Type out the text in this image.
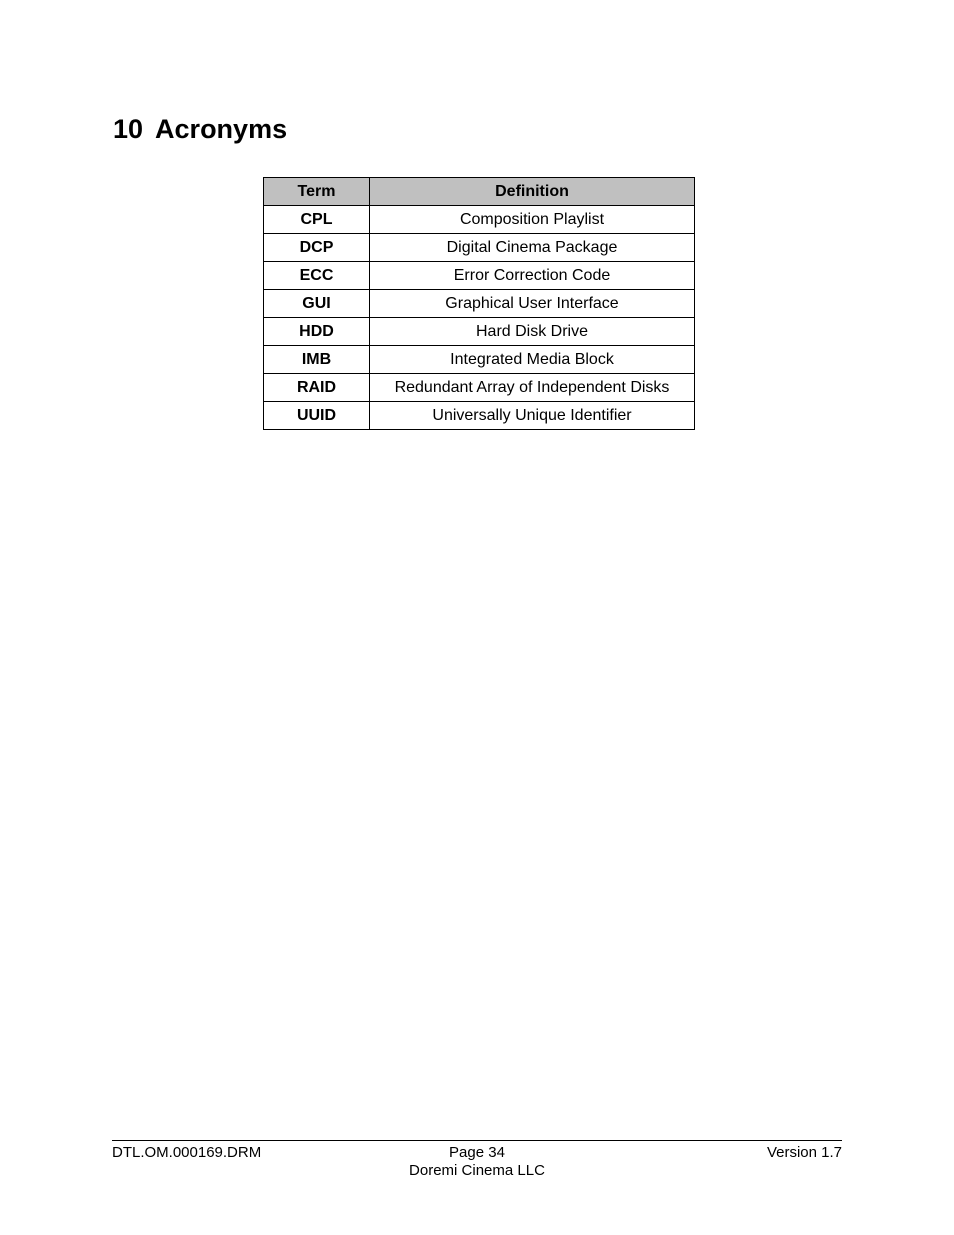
10 Acronyms
Term	Definition
CPL	Composition Playlist
DCP	Digital Cinema Package
ECC	Error Correction Code
GUI	Graphical User Interface
HDD	Hard Disk Drive
IMB	Integrated Media Block
RAID	Redundant Array of Independent Disks
UUID	Universally Unique Identifier
DTL.OM.000169.DRM	Page 34	Version 1.7
Doremi Cinema LLC
